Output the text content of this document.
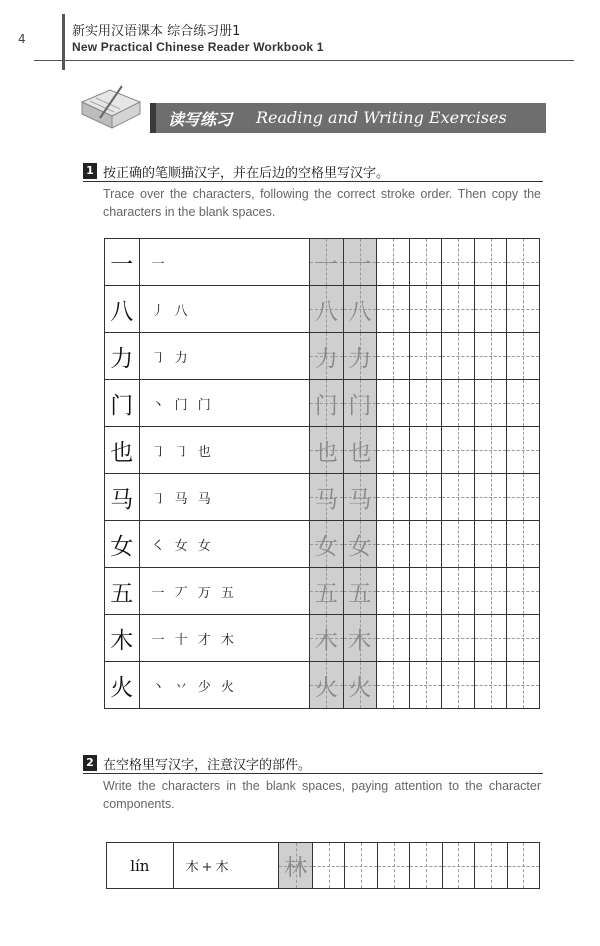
4	新实用汉语课本 综合练习册1
New Practical Chinese Reader Workbook 1
读写练习 Reading and Writing Exercises
1 按正确的笔顺描汉字，并在后边的空格里写汉字。
Trace over the characters, following the correct stroke order. Then copy the characters in the blank spaces.
一	一	一	一	

八	丿 八	八	八	

力	㇆ 力	力	力	

门	丶 门 门	门	门	

也	㇆ ㇆ 也	也	也	

马	㇆ 马 马	马	马	

女	㇛ 女 女	女	女	

五	一 丆 万 五	五	五	

木	一 十 才 木	木	木	

火	丶 丷 少 火	火	火	

2 在空格里写汉字，注意汉字的部件。
Write the characters in the blank spaces, paying attention to the character components.
lín	木+木	林	
